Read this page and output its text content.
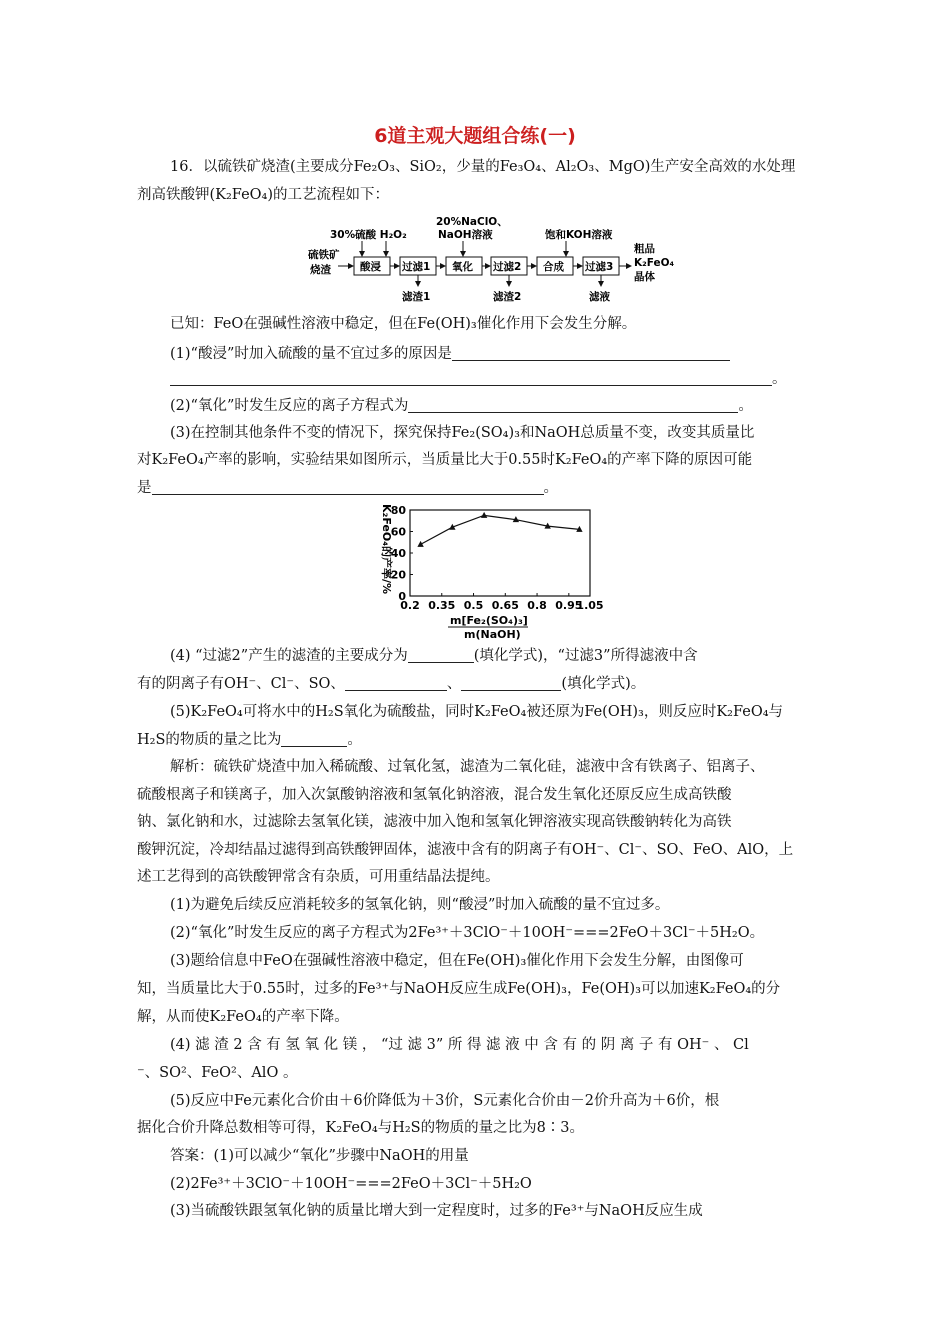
6道主观大题组合练(一)
16．以硫铁矿烧渣(主要成分Fe₂O₃、SiO₂，少量的Fe₃O₄、Al₂O₃、MgO)生产安全高效的水处理
剂高铁酸钾(K₂FeO₄)的工艺流程如下：
硫铁矿
烧渣
30%硫酸 H₂O₂
20%NaClO、
NaOH溶液	饱和KOH溶液
酸浸 过滤1 氧化 过滤2 合成 过滤3
滤渣1	滤渣2	滤液
粗品
K₂FeO₄
晶体
已知：FeO在强碱性溶液中稳定，但在Fe(OH)₃催化作用下会发生分解。
(1)“酸浸”时加入硫酸的量不宜过多的原因是
。
(2)“氧化”时发生反应的离子方程式为	。
(3)在控制其他条件不变的情况下，探究保持Fe₂(SO₄)₃和NaOH总质量不变，改变其质量比
对K₂FeO₄产率的影响，实验结果如图所示，当质量比大于0.55时K₂FeO₄的产率下降的原因可能
是	。
0
20
40
60
80
0.2 0.35 0.5 0.65 0.8 0.95
1.05
K₂FeO₄的产率/%
m[Fe₂(SO₄)₃]
m(NaOH)
(4) “过滤2”产生的滤渣的主要成分为	(填化学式)，“过滤3”所得滤液中含
有的阴离子有OH⁻、Cl⁻、SO、	、	(填化学式)。
(5)K₂FeO₄可将水中的H₂S氧化为硫酸盐，同时K₂FeO₄被还原为Fe(OH)₃，则反应时K₂FeO₄与
H₂S的物质的量之比为	。
解析：硫铁矿烧渣中加入稀硫酸、过氧化氢，滤渣为二氧化硅，滤液中含有铁离子、铝离子、
硫酸根离子和镁离子，加入次氯酸钠溶液和氢氧化钠溶液，混合发生氧化还原反应生成高铁酸
钠、氯化钠和水，过滤除去氢氧化镁，滤液中加入饱和氢氧化钾溶液实现高铁酸钠转化为高铁
酸钾沉淀，冷却结晶过滤得到高铁酸钾固体，滤液中含有的阴离子有OH⁻、Cl⁻、SO、FeO、AlO，上
述工艺得到的高铁酸钾常含有杂质，可用重结晶法提纯。
(1)为避免后续反应消耗较多的氢氧化钠，则“酸浸”时加入硫酸的量不宜过多。
(2)“氧化”时发生反应的离子方程式为2Fe³⁺＋3ClO⁻＋10OH⁻===2FeO＋3Cl⁻＋5H₂O。
(3)题给信息中FeO在强碱性溶液中稳定，但在Fe(OH)₃催化作用下会发生分解，由图像可
知，当质量比大于0.55时，过多的Fe³⁺与NaOH反应生成Fe(OH)₃，Fe(OH)₃可以加速K₂FeO₄的分
解，从而使K₂FeO₄的产率下降。
(4) 滤 渣 2 含 有 氢 氧 化 镁 ， “过 滤 3” 所 得 滤 液 中 含 有 的 阴 离 子 有 OH⁻ 、 Cl
⁻、SO²、FeO²、AlO 。
(5)反应中Fe元素化合价由＋6价降低为＋3价，S元素化合价由－2价升高为＋6价，根
据化合价升降总数相等可得，K₂FeO₄与H₂S的物质的量之比为8∶3。
答案：(1)可以减少“氧化”步骤中NaOH的用量
(2)2Fe³⁺＋3ClO⁻＋10OH⁻===2FeO＋3Cl⁻＋5H₂O
(3)当硫酸铁跟氢氧化钠的质量比增大到一定程度时，过多的Fe³⁺与NaOH反应生成
